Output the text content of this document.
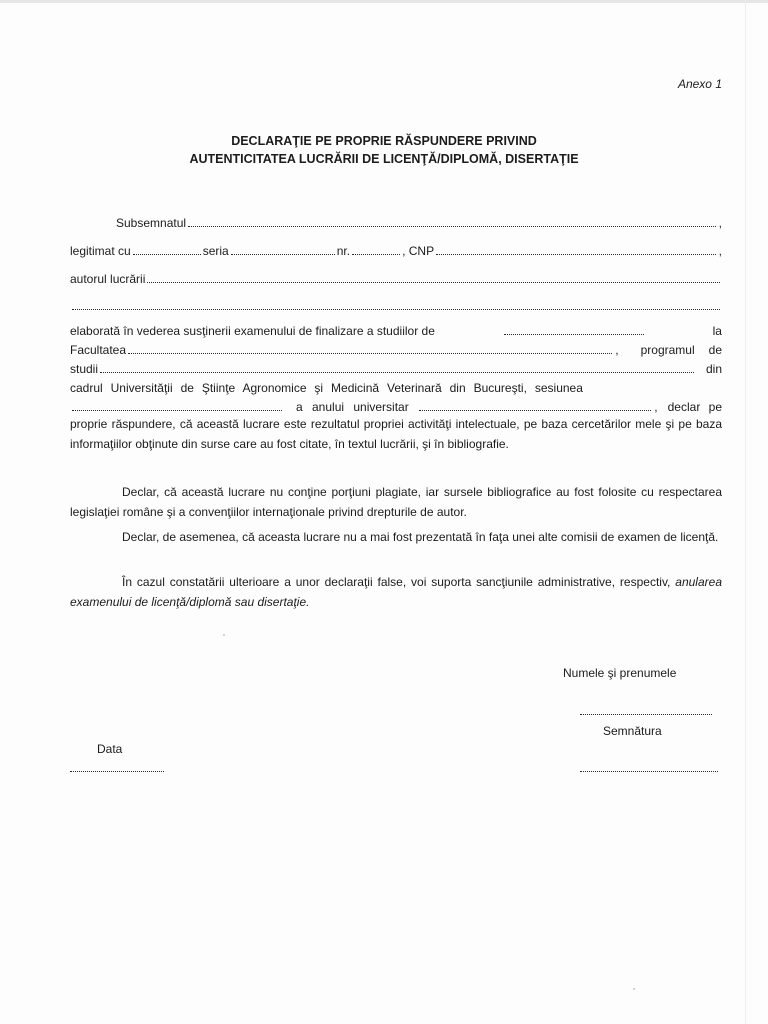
Anexo 1
DECLARAŢIE PE PROPRIE RĂSPUNDERE PRIVIND
AUTENTICITATEA LUCRĂRII DE LICENŢĂ/DIPLOMĂ, DISERTAŢIE
Subsemnatul	,
legitimat cu	seria	nr.	, CNP	,
autorul lucrării
elaborată în vederea susţinerii examenului de finalizare a studiilor de	la
Facultatea	, programul de
studii	din
cadrul Universităţii de Ştiinţe Agronomice şi Medicină Veterinară din Bucureşti, sesiunea
a anului universitar	, declar pe
proprie răspundere, că această lucrare este rezultatul propriei activităţi intelectuale, pe baza cercetărilor mele şi pe baza informaţiilor obţinute din surse care au fost citate, în textul lucrării, şi în bibliografie.
Declar, că această lucrare nu conţine porţiuni plagiate, iar sursele bibliografice au fost folosite cu respectarea legislaţiei române şi a convenţiilor internaţionale privind drepturile de autor.
Declar, de asemenea, că aceasta lucrare nu a mai fost prezentată în faţa unei alte comisii de examen de licenţă.
În cazul constatării ulterioare a unor declaraţii false, voi suporta sancţiunile administrative, respectiv, anularea examenului de licenţă/diplomă sau disertaţie.
Numele şi prenumele
Semnătura
Data
